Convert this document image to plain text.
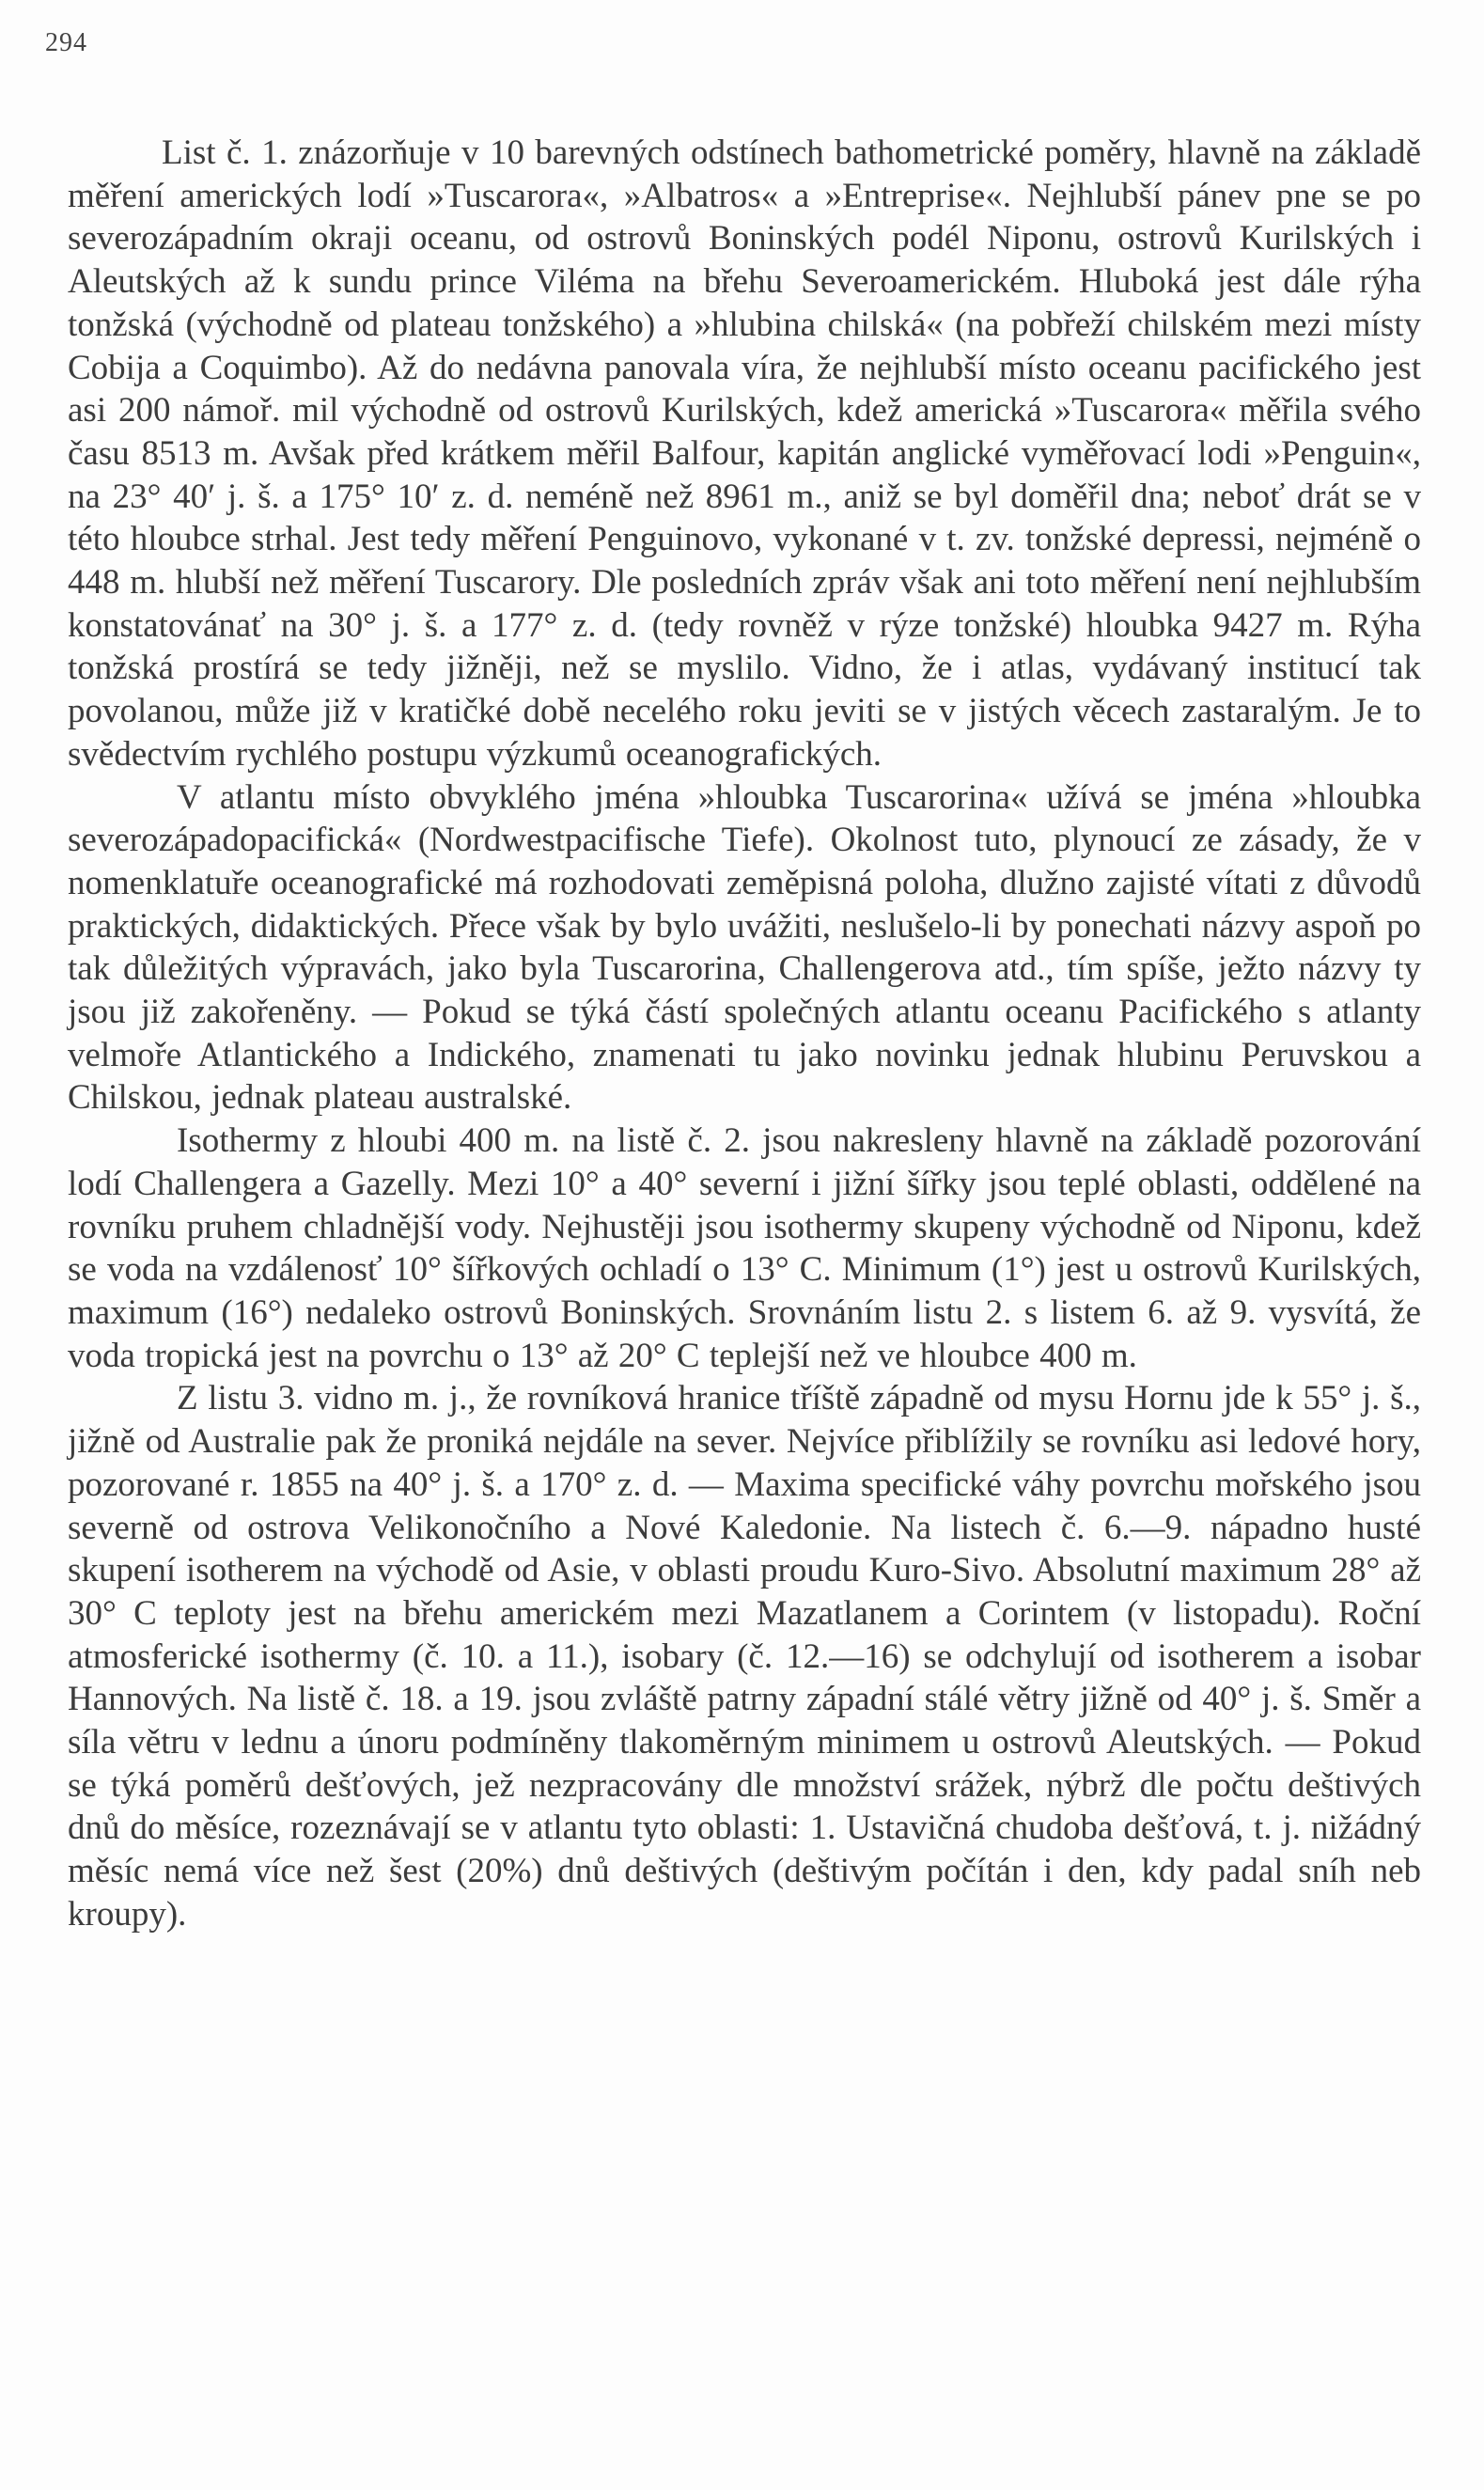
294

List č. 1. znázorňuje v 10 barevných odstínech bathometrické poměry, hlavně na základě měření amerických lodí »Tuscarora«, »Albatros« a »Entreprise«. Nejhlubší pánev pne se po severozápadním okraji oceanu, od ostrovů Boninských podél Niponu, ostrovů Kurilských i Aleutských až k sundu prince Viléma na břehu Severoamerickém. Hluboká jest dále rýha tonžská (východně od plateau tonžského) a »hlubina chilská« (na pobřeží chilském mezi místy Cobija a Coquimbo). Až do nedávna panovala víra, že nejhlubší místo oceanu pacifického jest asi 200 námoř. mil východně od ostrovů Kurilských, kdež americká »Tuscarora« měřila svého času 8513 m. Avšak před krátkem měřil Balfour, kapitán anglické vyměřovací lodi »Penguin«, na 23° 40′ j. š. a 175° 10′ z. d. neméně než 8961 m., aniž se byl doměřil dna; neboť drát se v této hloubce strhal. Jest tedy měření Penguinovo, vykonané v t. zv. tonžské depressi, nejméně o 448 m. hlubší než měření Tuscarory. Dle posledních zpráv však ani toto měření není nejhlubším konstatovánať na 30° j. š. a 177° z. d. (tedy rovněž v rýze tonžské) hloubka 9427 m. Rýha tonžská prostírá se tedy jižněji, než se myslilo. Vidno, že i atlas, vydávaný institucí tak povolanou, může již v kratičké době necelého roku jeviti se v jistých věcech zastaralým. Je to svědectvím rychlého postupu výzkumů oceanografických.

V atlantu místo obvyklého jména »hloubka Tuscarorina« užívá se jména »hloubka severozápadopacifická« (Nordwestpacifische Tiefe). Okolnost tuto, plynoucí ze zásady, že v nomenklatuře oceanografické má rozhodovati zeměpisná poloha, dlužno zajisté vítati z důvodů praktických, didaktických. Přece však by bylo uvážiti, neslušelo-li by ponechati názvy aspoň po tak důležitých výpravách, jako byla Tuscarorina, Challengerova atd., tím spíše, ježto názvy ty jsou již zakořeněny. — Pokud se týká částí společných atlantu oceanu Pacifického s atlanty velmoře Atlantického a Indického, znamenati tu jako novinku jednak hlubinu Peruvskou a Chilskou, jednak plateau australské.

Isothermy z hloubi 400 m. na listě č. 2. jsou nakresleny hlavně na základě pozorování lodí Challengera a Gazelly. Mezi 10° a 40° severní i jižní šířky jsou teplé oblasti, oddělené na rovníku pruhem chladnější vody. Nejhustěji jsou isothermy skupeny východně od Niponu, kdež se voda na vzdálenosť 10° šířkových ochladí o 13° C. Minimum (1°) jest u ostrovů Kurilských, maximum (16°) nedaleko ostrovů Boninských. Srovnáním listu 2. s listem 6. až 9. vysvítá, že voda tropická jest na povrchu o 13° až 20° C teplejší než ve hloubce 400 m.

Z listu 3. vidno m. j., že rovníková hranice tříště západně od mysu Hornu jde k 55° j. š., jižně od Australie pak že proniká nejdále na sever. Nejvíce přiblížily se rovníku asi ledové hory, pozorované r. 1855 na 40° j. š. a 170° z. d. — Maxima specifické váhy povrchu mořského jsou severně od ostrova Velikonočního a Nové Kaledonie. Na listech č. 6.—9. nápadno husté skupení isotherem na východě od Asie, v oblasti proudu Kuro-Sivo. Absolutní maximum 28° až 30° C teploty jest na břehu americkém mezi Mazatlanem a Corintem (v listopadu). Roční atmosferické isothermy (č. 10. a 11.), isobary (č. 12.—16) se odchylují od isotherem a isobar Hannových. Na listě č. 18. a 19. jsou zvláště patrny západní stálé větry jižně od 40° j. š. Směr a síla větru v lednu a únoru podmíněny tlakoměrným minimem u ostrovů Aleutských. — Pokud se týká poměrů dešťových, jež nezpracovány dle množství srážek, nýbrž dle počtu deštivých dnů do měsíce, rozeznávají se v atlantu tyto oblasti: 1. Ustavičná chudoba dešťová, t. j. nižádný měsíc nemá více než šest (20%) dnů deštivých (deštivým počítán i den, kdy padal sníh neb kroupy).
